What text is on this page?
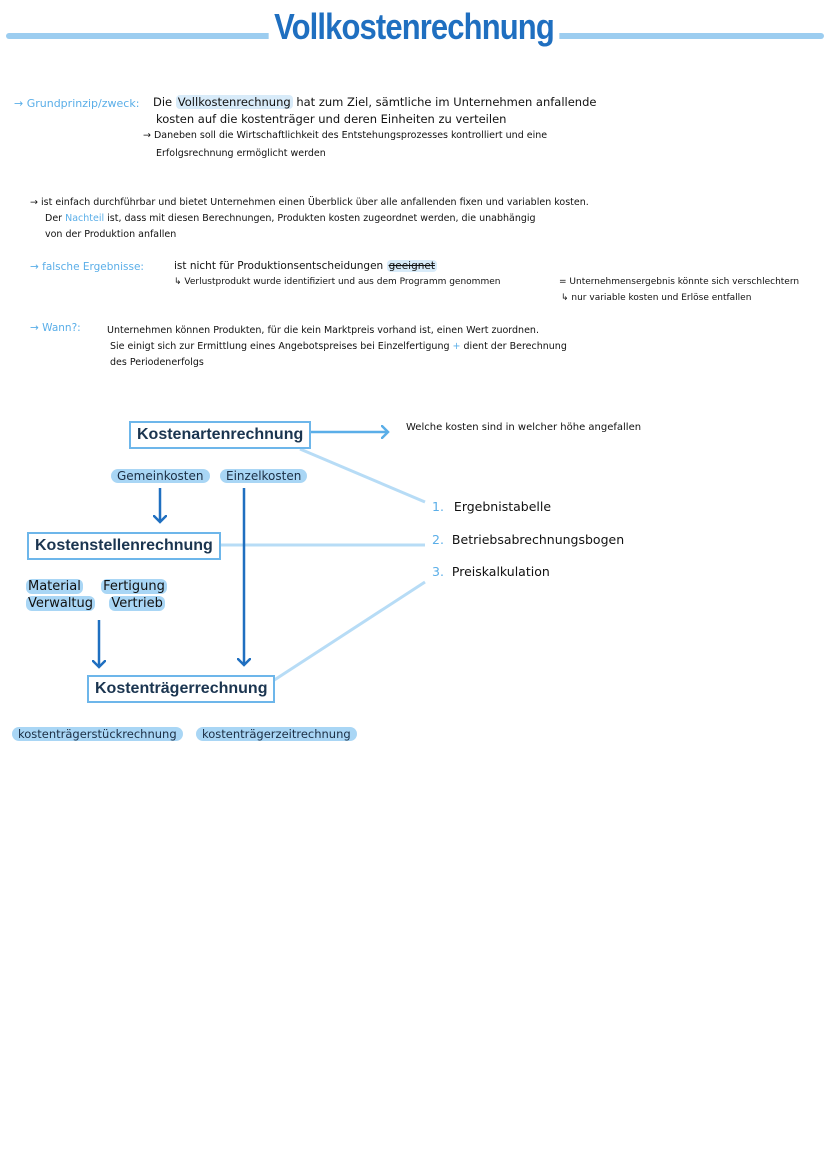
Vollkostenrechnung
→ Grundprinzip/zweck: Die Vollkostenrechnung hat zum Ziel, sämtliche im Unternehmen anfallende
kosten auf die kostenträger und deren Einheiten zu verteilen
→ Daneben soll die Wirtschaftlichkeit des Entstehungsprozesses kontrolliert und eine
Erfolgsrechnung ermöglicht werden
→ ist einfach durchführbar und bietet Unternehmen einen Überblick über alle anfallenden fixen und variablen kosten.
Der Nachteil ist, dass mit diesen Berechnungen, Produkten kosten zugeordnet werden, die unabhängig
von der Produktion anfallen
→ falsche Ergebnisse:	ist nicht für Produktionsentscheidungen geeignet
↳ Verlustprodukt wurde identifiziert und aus dem Programm genommen	= Unternehmensergebnis könnte sich verschlechtern
↳ nur variable kosten und Erlöse entfallen
→ Wann?:	Unternehmen können Produkten, für die kein Marktpreis vorhand ist, einen Wert zuordnen.
Sie einigt sich zur Ermittlung eines Angebotspreises bei Einzelfertigung + dient der Berechnung
des Periodenerfolgs
Kostenartenrechnung
Kostenstellenrechnung
Kostenträgerrechnung
Welche kosten sind in welcher höhe angefallen
Gemeinkosten	Einzelkosten
Material Fertigung
Verwaltug Vertrieb
1. Ergebnistabelle
2. Betriebsabrechnungsbogen
3. Preiskalkulation
kostenträgerstückrechnung	kostenträgerzeitrechnung
